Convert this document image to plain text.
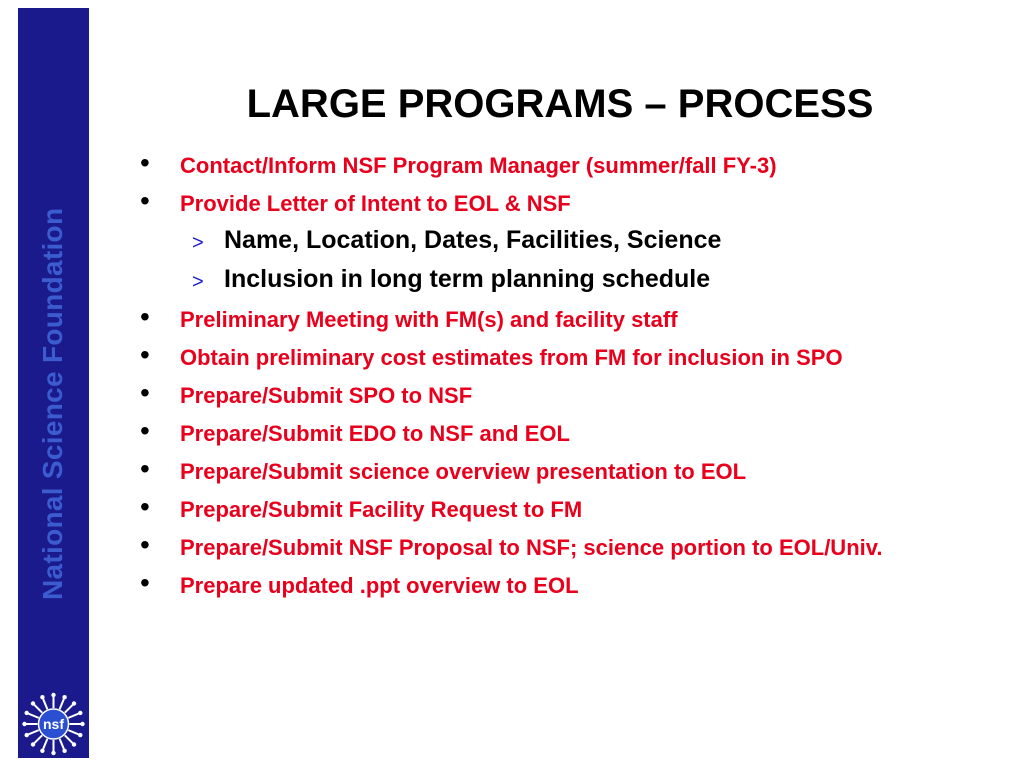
National Science Foundation
nsf
LARGE PROGRAMS – PROCESS
• Contact/Inform NSF Program Manager (summer/fall FY-3)
• Provide Letter of Intent to EOL & NSF
> Name, Location, Dates, Facilities, Science
> Inclusion in long term planning schedule
• Preliminary Meeting with FM(s) and facility staff
• Obtain preliminary cost estimates from FM for inclusion in SPO
• Prepare/Submit SPO to NSF
• Prepare/Submit EDO to NSF and EOL
• Prepare/Submit science overview presentation to EOL
• Prepare/Submit Facility Request to FM
• Prepare/Submit NSF Proposal to NSF; science portion to EOL/Univ.
• Prepare updated .ppt overview to EOL
